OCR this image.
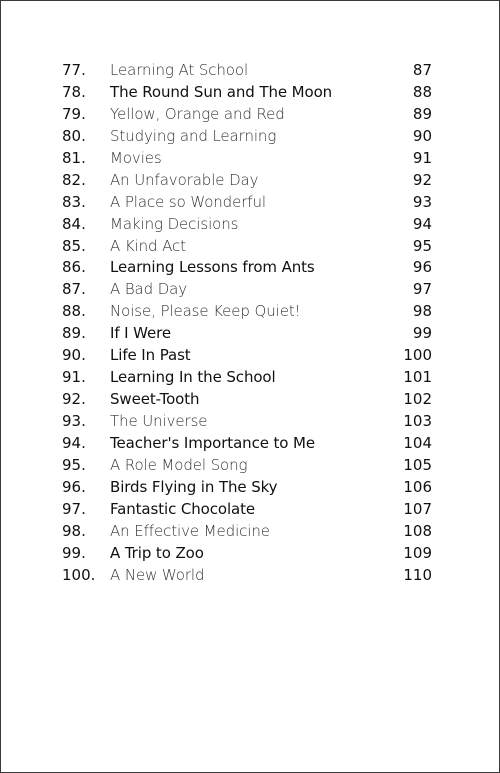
77. Learning At School	87
78. The Round Sun and The Moon	88
79. Yellow, Orange and Red	89
80. Studying and Learning	90
81. Movies	91
82. An Unfavorable Day	92
83. A Place so Wonderful	93
84. Making Decisions	94
85. A Kind Act	95
86. Learning Lessons from Ants	96
87. A Bad Day	97
88. Noise, Please Keep Quiet!	98
89. If I Were	99
90. Life In Past	100
91. Learning In the School	101
92. Sweet-Tooth	102
93. The Universe	103
94. Teacher's Importance to Me	104
95. A Role Model Song	105
96. Birds Flying in The Sky	106
97. Fantastic Chocolate	107
98. An Effective Medicine	108
99. A Trip to Zoo	109
100. A New World	110
